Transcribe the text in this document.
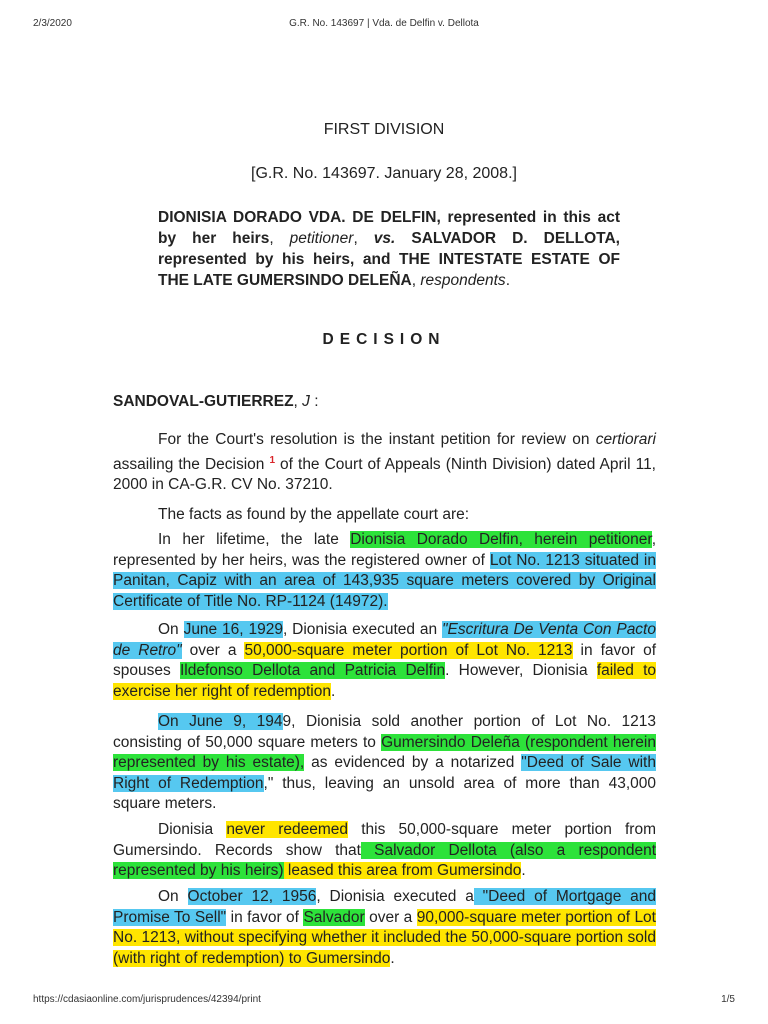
2/3/2020	G.R. No. 143697 | Vda. de Delfin v. Dellota
FIRST DIVISION
[G.R. No. 143697. January 28, 2008.]
DIONISIA DORADO VDA. DE DELFIN, represented in this act by her heirs, petitioner, vs. SALVADOR D. DELLOTA, represented by his heirs, and THE INTESTATE ESTATE OF THE LATE GUMERSINDO DELEÑA, respondents.
DECISION
SANDOVAL-GUTIERREZ, J :
For the Court's resolution is the instant petition for review on certiorari assailing the Decision $^1$ of the Court of Appeals (Ninth Division) dated April 11, 2000 in CA-G.R. CV No. 37210.
The facts as found by the appellate court are:
In her lifetime, the late Dionisia Dorado Delfin, herein petitioner, represented by her heirs, was the registered owner of Lot No. 1213 situated in Panitan, Capiz with an area of 143,935 square meters covered by Original Certificate of Title No. RP-1124 (14972).
On June 16, 1929, Dionisia executed an "Escritura De Venta Con Pacto de Retro" over a 50,000-square meter portion of Lot No. 1213 in favor of spouses Ildefonso Dellota and Patricia Delfin. However, Dionisia failed to exercise her right of redemption.
On June 9, 1949, Dionisia sold another portion of Lot No. 1213 consisting of 50,000 square meters to Gumersindo Deleña (respondent herein represented by his estate), as evidenced by a notarized "Deed of Sale with Right of Redemption," thus, leaving an unsold area of more than 43,000 square meters.
Dionisia never redeemed this 50,000-square meter portion from Gumersindo. Records show that Salvador Dellota (also a respondent represented by his heirs) leased this area from Gumersindo.
On October 12, 1956, Dionisia executed a "Deed of Mortgage and Promise To Sell" in favor of Salvador over a 90,000-square meter portion of Lot No. 1213, without specifying whether it included the 50,000-square portion sold (with right of redemption) to Gumersindo.
https://cdasiaonline.com/jurisprudences/42394/print	1/5
